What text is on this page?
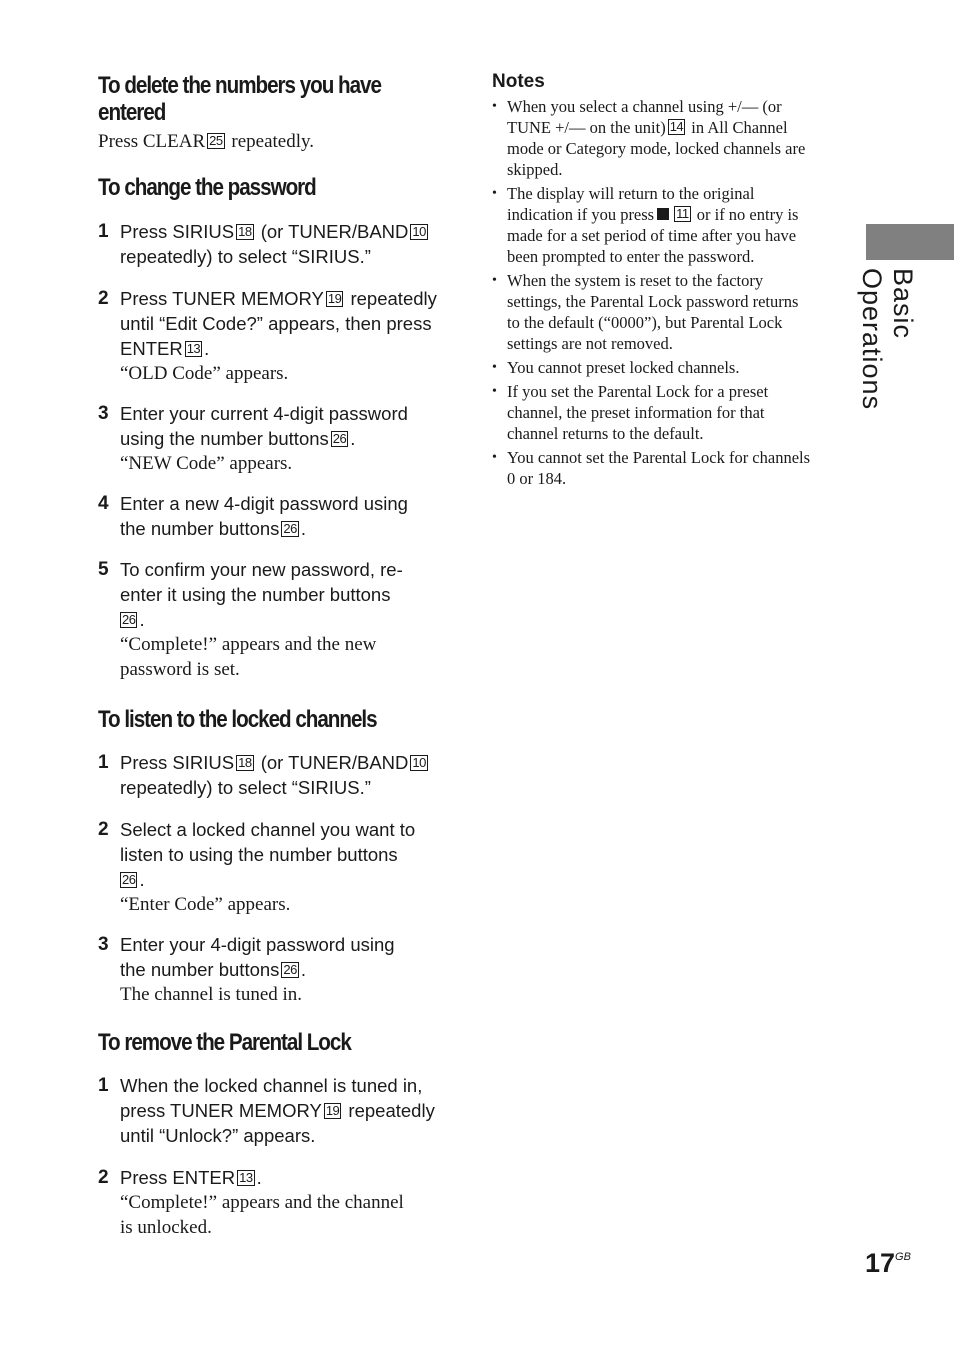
To delete the numbers you have
entered
Press CLEAR 25 repeatedly.
To change the password
1 Press SIRIUS 18 (or TUNER/BAND 10
repeatedly) to select “SIRIUS.”
2 Press TUNER MEMORY 19 repeatedly
until “Edit Code?” appears, then press
ENTER 13 .
“OLD Code” appears.
3 Enter your current 4-digit password
using the number buttons 26 .
“NEW Code” appears.
4 Enter a new 4-digit password using
the number buttons 26 .
5 To confirm your new password, re-
enter it using the number buttons
26 .
“Complete!” appears and the new
password is set.
To listen to the locked channels
1 Press SIRIUS 18 (or TUNER/BAND 10
repeatedly) to select “SIRIUS.”
2 Select a locked channel you want to
listen to using the number buttons
26 .
“Enter Code” appears.
3 Enter your 4-digit password using
the number buttons 26 .
The channel is tuned in.
To remove the Parental Lock
1 When the locked channel is tuned in,
press TUNER MEMORY 19 repeatedly
until “Unlock?” appears.
2 Press ENTER 13 .
“Complete!” appears and the channel
is unlocked.
Notes
• When you select a channel using +/— (or
TUNE +/— on the unit) 14 in All Channel
mode or Category mode, locked channels are
skipped.
• The display will return to the original
indication if you press 11 or if no entry is
made for a set period of time after you have
been prompted to enter the password.
• When the system is reset to the factory
settings, the Parental Lock password returns
to the default (“0000”), but Parental Lock
settings are not removed.
• You cannot preset locked channels.
• If you set the Parental Lock for a preset
channel, the preset information for that
channel returns to the default.
• You cannot set the Parental Lock for channels
0 or 184.
Basic Operations
$17^{GB}$
